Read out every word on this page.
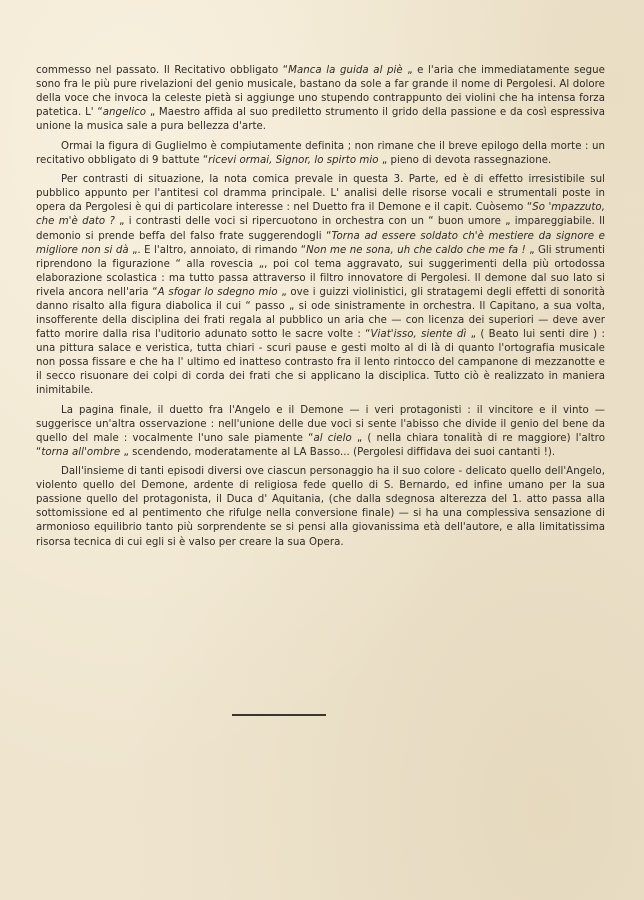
commesso nel passato. Il Recitativo obbligato “Manca la guida al piè „ e l'aria che immediatamente segue sono fra le più pure rivelazioni del genio musicale, bastano da sole a far grande il nome di Pergolesi. Al dolore della voce che invoca la celeste pietà si aggiunge uno stupendo contrappunto dei violini che ha intensa forza patetica. L' “angelico „ Maestro affida al suo prediletto strumento il grido della passione e da così espressiva unione la musica sale a pura bellezza d'arte.

Ormai la figura di Guglielmo è compiutamente definita ; non rimane che il breve epilogo della morte : un recitativo obbligato di 9 battute “ricevi ormai, Signor, lo spirto mio „ pieno di devota rassegnazione.

Per contrasti di situazione, la nota comica prevale in questa 3. Parte, ed è di effetto irresistibile sul pubblico appunto per l'antitesi col dramma principale. L' analisi delle risorse vocali e strumentali poste in opera da Pergolesi è qui di particolare interesse : nel Duetto fra il Demone e il capit. Cuòsemo “So 'mpazzuto, che m'è dato ? „ i contrasti delle voci si ripercuotono in orchestra con un “ buon umore „ impareggiabile. Il demonio si prende beffa del falso frate suggerendogli “Torna ad essere soldato ch'è mestiere da signore e migliore non si dà „. E l'altro, annoiato, di rimando “Non me ne sona, uh che caldo che me fa ! „ Gli strumenti riprendono la figurazione “ alla rovescia „, poi col tema aggravato, sui suggerimenti della più ortodossa elaborazione scolastica : ma tutto passa attraverso il filtro innovatore di Pergolesi. Il demone dal suo lato si rivela ancora nell'aria “A sfogar lo sdegno mio „ ove i guizzi violinistici, gli stratagemi degli effetti di sonorità danno risalto alla figura diabolica il cui “ passo „ si ode sinistramente in orchestra. Il Capitano, a sua volta, insofferente della disciplina dei frati regala al pubblico un aria che — con licenza dei superiori — deve aver fatto morire dalla risa l'uditorio adunato sotto le sacre volte : “Viat'isso, siente dì „ ( Beato lui senti dire ) : una pittura salace e veristica, tutta chiari - scuri pause e gesti molto al di là di quanto l'ortografia musicale non possa fissare e che ha l' ultimo ed inatteso contrasto fra il lento rintocco del campanone di mezzanotte e il secco risuonare dei colpi di corda dei frati che si applicano la disciplica. Tutto ciò è realizzato in maniera inimitabile.

La pagina finale, il duetto fra l'Angelo e il Demone — i veri protagonisti : il vincitore e il vinto — suggerisce un'altra osservazione : nell'unione delle due voci si sente l'abisso che divide il genio del bene da quello del male : vocalmente l'uno sale piamente “al cielo „ ( nella chiara tonalità di re maggiore) l'altro “torna all'ombre „ scendendo, moderatamente al LA Basso... (Pergolesi diffidava dei suoi cantanti !).

Dall'insieme di tanti episodi diversi ove ciascun personaggio ha il suo colore - delicato quello dell'Angelo, violento quello del Demone, ardente di religiosa fede quello di S. Bernardo, ed infine umano per la sua passione quello del protagonista, il Duca d' Aquitania, (che dalla sdegnosa alterezza del 1. atto passa alla sottomissione ed al pentimento che rifulge nella conversione finale) — si ha una complessiva sensazione di armonioso equilibrio tanto più sorprendente se si pensi alla giovanissima età dell'autore, e alla limitatissima risorsa tecnica di cui egli si è valso per creare la sua Opera.
